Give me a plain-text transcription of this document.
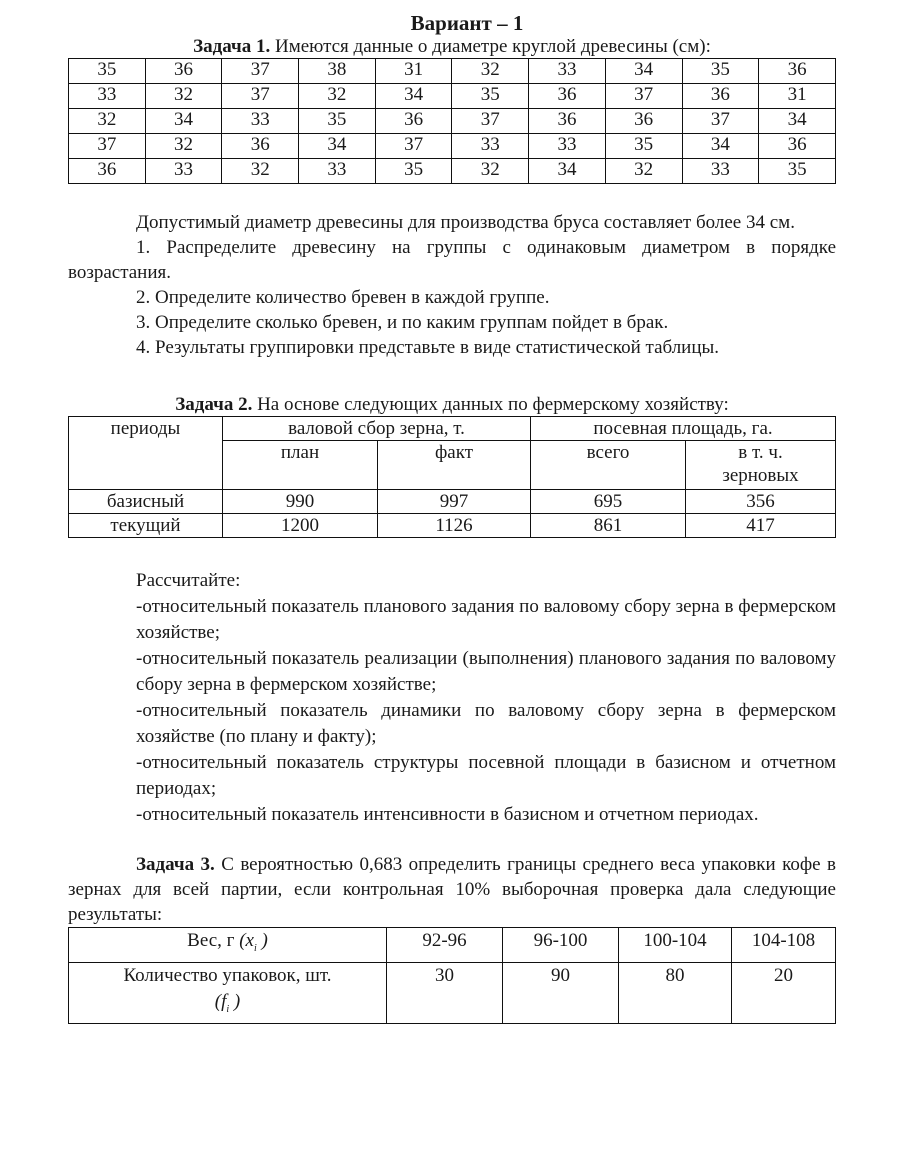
Вариант – 1
Задача 1. Имеются данные о диаметре круглой древесины (см):
35	36	37	38	31	32	33	34	35	36
33	32	37	32	34	35	36	37	36	31
32	34	33	35	36	37	36	36	37	34
37	32	36	34	37	33	33	35	34	36
36	33	32	33	35	32	34	32	33	35

Допустимый диаметр древесины для производства бруса составляет более 34 см.

1. Распределите древесину на группы с одинаковым диаметром в порядке возрастания.

2. Определите количество бревен в каждой группе.

3. Определите сколько бревен, и по каким группам пойдет в брак.

4. Результаты группировки представьте в виде статистической таблицы.

Задача 2. На основе следующих данных по фермерскому хозяйству:
периоды	валовой сбор зерна, т.		посевная площадь, га.	
	план	факт	всего	в т. ч. зерновых
базисный	990	997	695	356
текущий	1200	1126	861	417

Рассчитайте:

-относительный показатель планового задания по валовому сбору зерна в фермерском хозяйстве;

-относительный показатель реализации (выполнения) планового задания по валовому сбору зерна в фермерском хозяйстве;

-относительный показатель динамики по валовому сбору зерна в фермерском хозяйстве (по плану и факту);

-относительный показатель структуры посевной площади в базисном и отчетном периодах;

-относительный показатель интенсивности в базисном и отчетном периодах.

Задача 3. С вероятностью 0,683 определить границы среднего веса упаковки кофе в зернах для всей партии, если контрольная 10% выборочная проверка дала следующие результаты:

Вес, г ($x_i$ )	92-96	96-100	100-104	104-108

Количество упаковок, шт.
($f_i$ )	30	90	80	20
